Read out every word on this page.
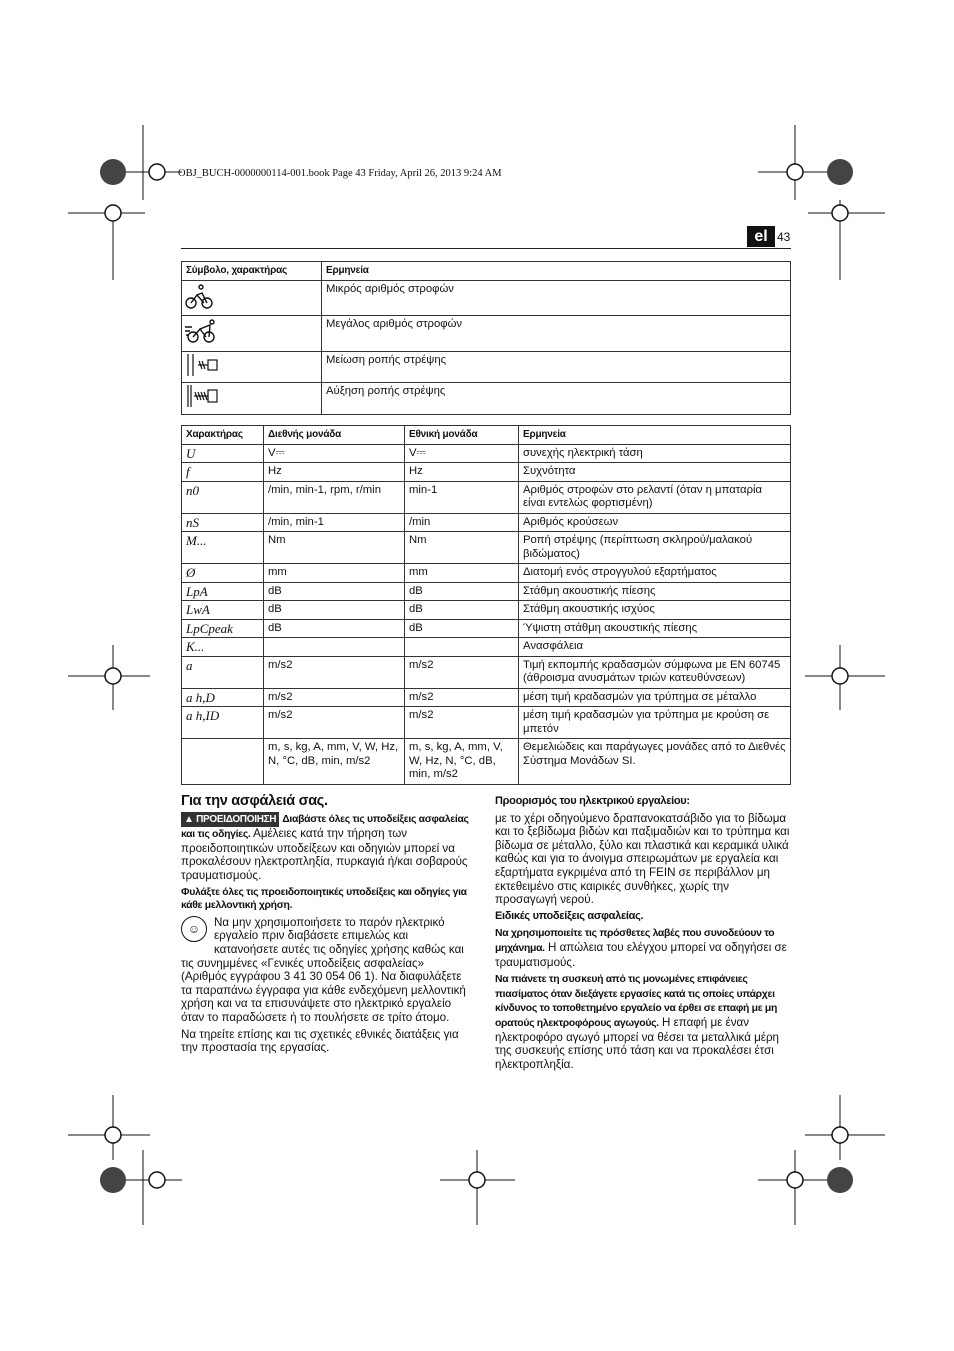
OBJ_BUCH-0000000114-001.book Page 43 Friday, April 26, 2013 9:24 AM
el 43
Σύμβολο, χαρακτήρας	Ερμηνεία
	Μικρός αριθμός στροφών
	Μεγάλος αριθμός στροφών
	Μείωση ροπής στρέψης
	Αύξηση ροπής στρέψης
Χαρακτήρας	Διεθνής μονάδα	Εθνική μονάδα	Ερμηνεία
U	V⎓	V⎓	συνεχής ηλεκτρική τάση
f	Hz	Hz	Συχνότητα
n0	/min, min-1, rpm, r/min	min-1	Αριθμός στροφών στο ρελαντί (όταν η μπαταρία είναι εντελώς φορτισμένη)
nS	/min, min-1	/min	Αριθμός κρούσεων
M...	Nm	Nm	Ροπή στρέψης (περίπτωση σκληρού/μαλακού βιδώματος)
Ø	mm	mm	Διατομή ενός στρογγυλού εξαρτήματος
LpA	dB	dB	Στάθμη ακουστικής πίεσης
LwA	dB	dB	Στάθμη ακουστικής ισχύος
LpCpeak	dB	dB	Ύψιστη στάθμη ακουστικής πίεσης
K...			Ανασφάλεια
a	m/s2	m/s2	Τιμή εκπομπής κραδασμών σύμφωνα με EN 60745 (άθροισμα ανυσμάτων τριών κατευθύνσεων)
a h,D	m/s2	m/s2	μέση τιμή κραδασμών για τρύπημα σε μέταλλο
a h,ID	m/s2	m/s2	μέση τιμή κραδασμών για τρύπημα με κρούση σε μπετόν
	m, s, kg, A, mm, V, W, Hz, N, °C, dB, min, m/s2	m, s, kg, A, mm, V, W, Hz, N, °C, dB, min, m/s2	Θεμελιώδεις και παράγωγες μονάδες από το Διεθνές Σύστημα Μονάδων SI.

Για την ασφάλειά σας.

▲ ΠΡΟΕΙΔΟΠΟΙΗΣΗ Διαβάστε όλες τις υποδείξεις ασφαλείας και τις οδηγίες. Αμέλειες κατά την τήρηση των προειδοποιητικών υποδείξεων και οδηγιών μπορεί να προκαλέσουν ηλεκτροπληξία, πυρκαγιά ή/και σοβαρούς τραυματισμούς.

Φυλάξτε όλες τις προειδοποιητικές υποδείξεις και οδηγίες για κάθε μελλοντική χρήση.

☺	Να μην χρησιμοποιήσετε το παρόν ηλεκτρικό εργαλείο πριν διαβάσετε επιμελώς και κατανοήσετε αυτές τις οδηγίες χρήσης καθώς και τις συνημμένες «Γενικές υποδείξεις ασφαλείας» (Αριθμός εγγράφου 3 41 30 054 06 1). Να διαφυλάξετε τα παραπάνω έγγραφα για κάθε ενδεχόμενη μελλοντική χρήση και να τα επισυνάψετε στο ηλεκτρικό εργαλείο όταν το παραδώσετε ή το πουλήσετε σε τρίτο άτομο.

Να τηρείτε επίσης και τις σχετικές εθνικές διατάξεις για την προστασία της εργασίας.

Προορισμός του ηλεκτρικού εργαλείου:

με το χέρι οδηγούμενο δραπανοκατσάβιδο για το βίδωμα και το ξεβίδωμα βιδών και παξιμαδιών και το τρύπημα και βίδωμα σε μέταλλο, ξύλο και πλαστικά και κεραμικά υλικά καθώς και για το άνοιγμα σπειρωμάτων με εργαλεία και εξαρτήματα εγκριμένα από τη FEIN σε περιβάλλον μη εκτεθειμένο στις καιρικές συνθήκες, χωρίς την προσαγωγή νερού.

Ειδικές υποδείξεις ασφαλείας.

Να χρησιμοποιείτε τις πρόσθετες λαβές που συνοδεύουν το μηχάνημα. Η απώλεια του ελέγχου μπορεί να οδηγήσει σε τραυματισμούς.

Να πιάνετε τη συσκευή από τις μονωμένες επιφάνειες πιασίματος όταν διεξάγετε εργασίες κατά τις οποίες υπάρχει κίνδυνος το τοποθετημένο εργαλείο να έρθει σε επαφή με μη ορατούς ηλεκτροφόρους αγωγούς. Η επαφή με έναν ηλεκτροφόρο αγωγό μπορεί να θέσει τα μεταλλικά μέρη της συσκευής επίσης υπό τάση και να προκαλέσει έτσι ηλεκτροπληξία.
